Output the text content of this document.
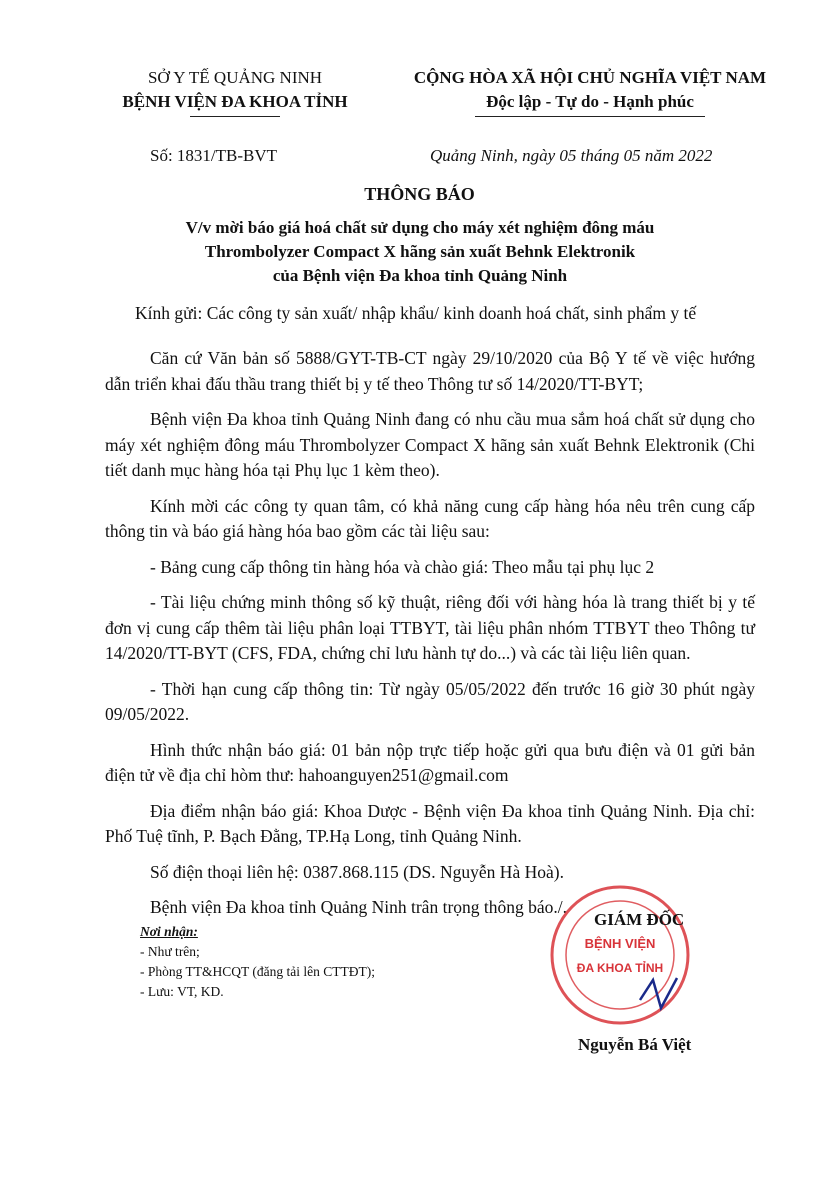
SỞ Y TẾ QUẢNG NINH
BỆNH VIỆN ĐA KHOA TỈNH
CỘNG HÒA XÃ HỘI CHỦ NGHĨA VIỆT NAM
Độc lập - Tự do - Hạnh phúc
Số: 1831/TB-BVT	Quảng Ninh, ngày 05 tháng 05 năm 2022
THÔNG BÁO
V/v mời báo giá hoá chất sử dụng cho máy xét nghiệm đông máu
Thrombolyzer Compact X hãng sản xuất Behnk Elektronik
của Bệnh viện Đa khoa tỉnh Quảng Ninh
Kính gửi: Các công ty sản xuất/ nhập khẩu/ kinh doanh hoá chất, sinh phẩm y tế

Căn cứ Văn bản số 5888/GYT-TB-CT ngày 29/10/2020 của Bộ Y tế về việc hướng dẫn triển khai đấu thầu trang thiết bị y tế theo Thông tư số 14/2020/TT-BYT;

Bệnh viện Đa khoa tỉnh Quảng Ninh đang có nhu cầu mua sắm hoá chất sử dụng cho máy xét nghiệm đông máu Thrombolyzer Compact X hãng sản xuất Behnk Elektronik (Chi tiết danh mục hàng hóa tại Phụ lục 1 kèm theo).

Kính mời các công ty quan tâm, có khả năng cung cấp hàng hóa nêu trên cung cấp thông tin và báo giá hàng hóa bao gồm các tài liệu sau:

- Bảng cung cấp thông tin hàng hóa và chào giá: Theo mẫu tại phụ lục 2

- Tài liệu chứng minh thông số kỹ thuật, riêng đối với hàng hóa là trang thiết bị y tế đơn vị cung cấp thêm tài liệu phân loại TTBYT, tài liệu phân nhóm TTBYT theo Thông tư 14/2020/TT-BYT (CFS, FDA, chứng chỉ lưu hành tự do...) và các tài liệu liên quan.

- Thời hạn cung cấp thông tin: Từ ngày 05/05/2022 đến trước 16 giờ 30 phút ngày 09/05/2022.

Hình thức nhận báo giá: 01 bản nộp trực tiếp hoặc gửi qua bưu điện và 01 gửi bản điện tử về địa chỉ hòm thư: hahoanguyen251@gmail.com

Địa điểm nhận báo giá: Khoa Dược - Bệnh viện Đa khoa tỉnh Quảng Ninh. Địa chỉ: Phố Tuệ tĩnh, P. Bạch Đằng, TP.Hạ Long, tỉnh Quảng Ninh.

Số điện thoại liên hệ: 0387.868.115 (DS. Nguyễn Hà Hoà).

Bệnh viện Đa khoa tỉnh Quảng Ninh trân trọng thông báo./.

Nơi nhận:
- Như trên;
- Phòng TT&HCQT (đăng tải lên CTTĐT);
- Lưu: VT, KD.
BỆNH VIỆN
ĐA KHOA TỈNH
GIÁM ĐỐC
Nguyễn Bá Việt
